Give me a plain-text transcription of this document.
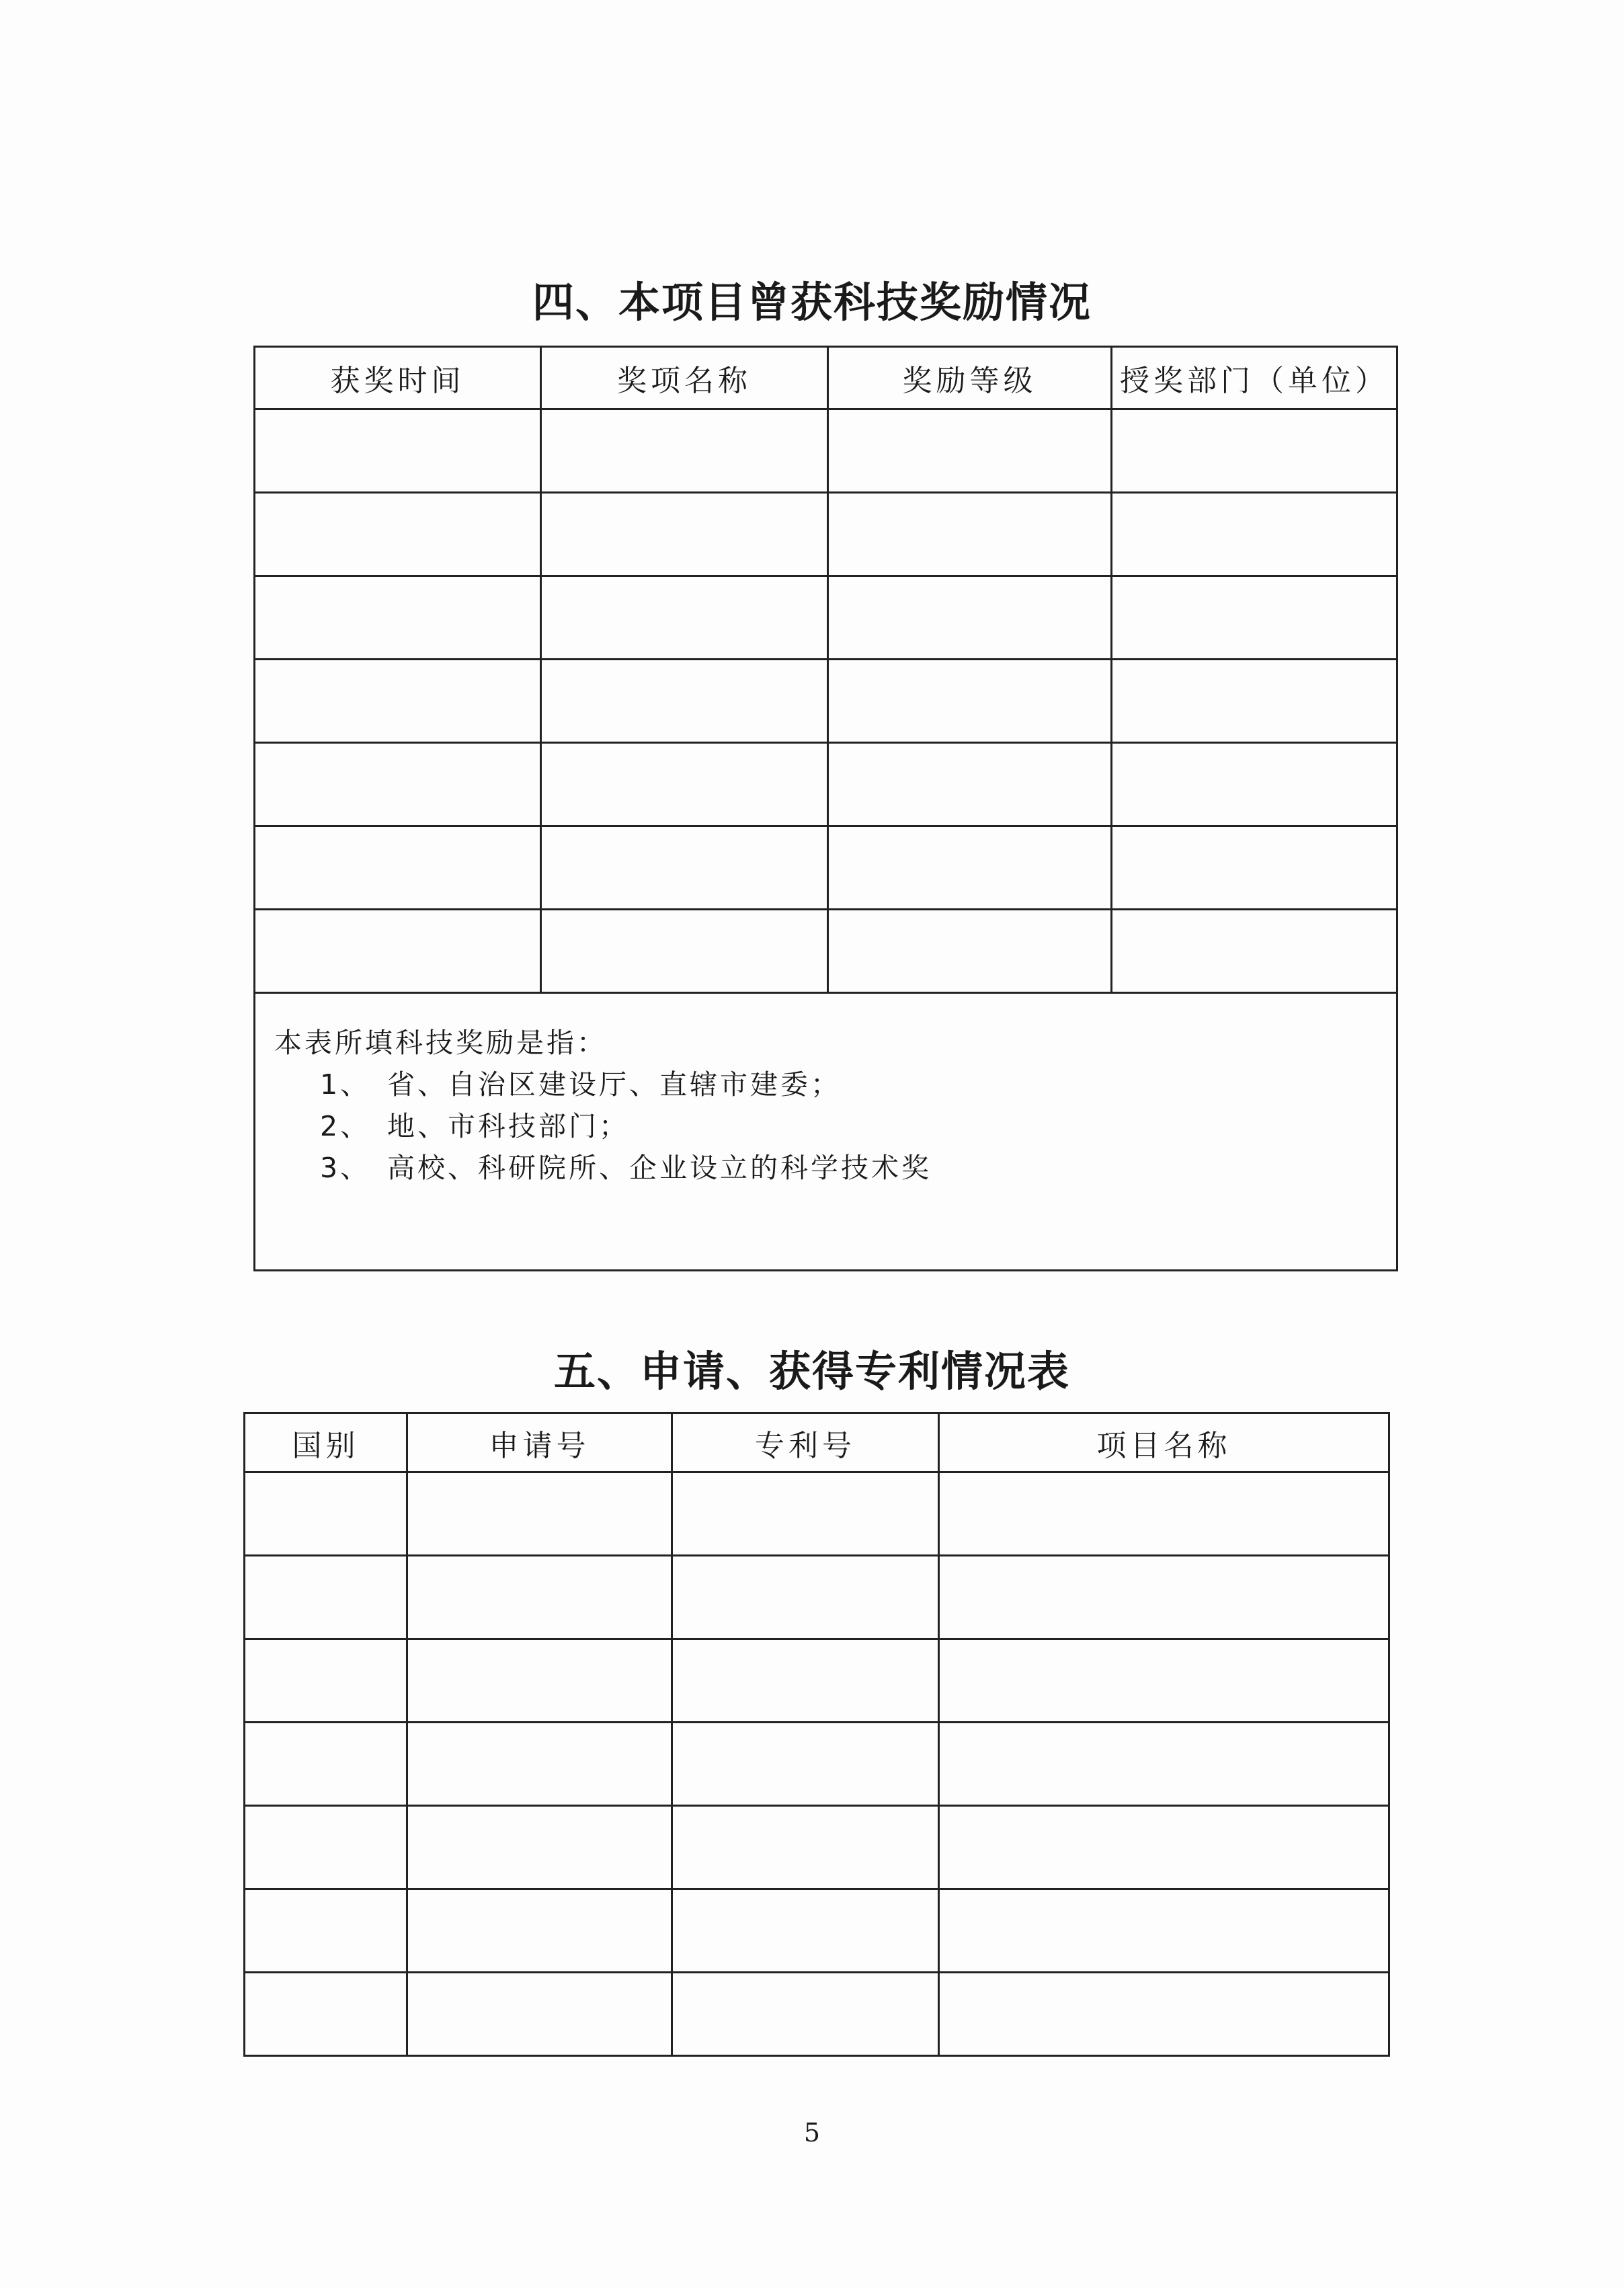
四、本项目曾获科技奖励情况
获奖时间	奖项名称	奖励等级	授奖部门（单位）

本表所填科技奖励是指：
1、 省、自治区建设厅、直辖市建委；
2、 地、市科技部门；
3、 高校、科研院所、企业设立的科学技术奖			
五、申请、获得专利情况表
国别	申请号	专利号	项目名称

5
